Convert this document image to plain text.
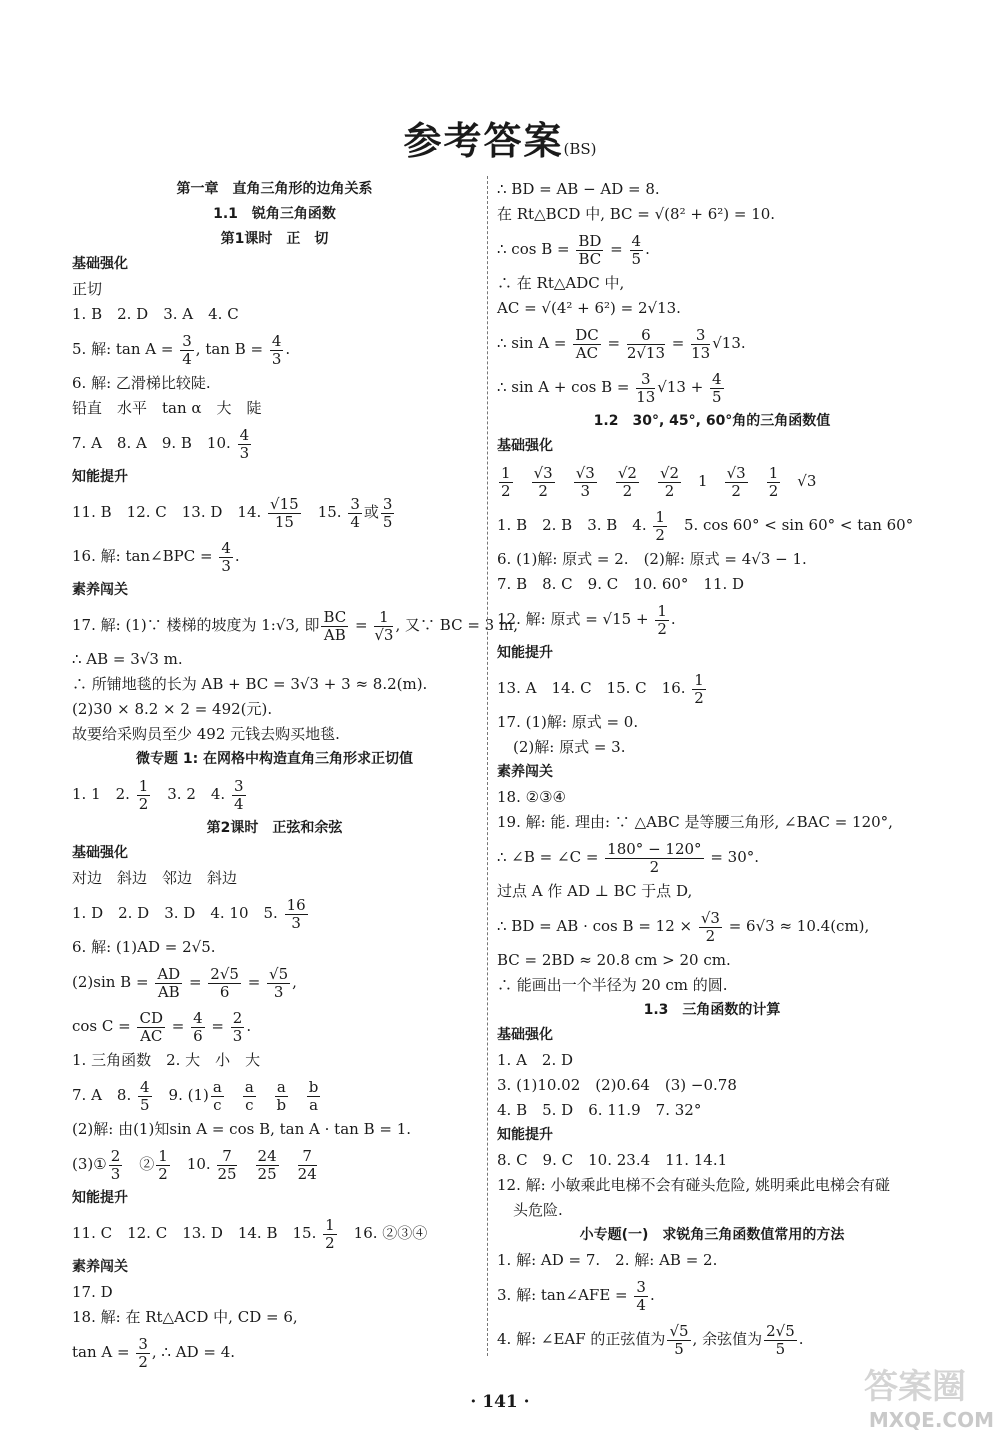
参考答案(BS)
第一章　直角三角形的边角关系
1.1　锐角三角函数
第1课时　正　切
基础强化
正切
1. B　2. D　3. A　4. C
5. 解: $\tan A = \frac{3}{4}$ , $\tan B = \frac{4}{3}$ .
6. 解: 乙滑梯比较陡.
铅直　水平　tan α　大　陡
7. A　8. A　9. B　10. $\frac{4}{3}$
知能提升
11. B　12. C　13. D　14. $\frac{√15}{15}$ 　15. $\frac{3}{4}$ 或 $\frac{3}{5}$
16. 解: tan∠BPC = $\frac{4}{3}$ .
素养闯关
17. 解: (1)∵ 楼梯的坡度为 1:√3, 即 $\frac{BC}{AB} = \frac{1}{√3}$ , 又∵ BC = 3 m,
∴ AB = 3√3 m.
∴ 所铺地毯的长为 AB + BC = 3√3 + 3 ≈ 8.2(m).
(2)30 × 8.2 × 2 = 492(元).
故要给采购员至少 492 元钱去购买地毯.
微专题 1: 在网格中构造直角三角形求正切值
1. 1　2. $\frac{1}{2}$ 　3. 2　4. $\frac{3}{4}$
第2课时　正弦和余弦
基础强化
对边　斜边　邻边　斜边
1. D　2. D　3. D　4. 10　5. $\frac{16}{3}$
6. 解: (1)AD = 2√5.
(2)sin $B = \frac{AD}{AB} = \frac{2√5}{6} = \frac{√5}{3}$ ,
$\cos C = \frac{CD}{AC} = \frac{4}{6} = \frac{2}{3}$ .
1. 三角函数　2. 大　小　大
7. A　8. $\frac{4}{5}$ 　9. $(1) \frac{a}{c}$
　 $\frac{a}{c}$
　 $\frac{a}{b}$
　 $\frac{b}{a}$
(2)解: 由(1)知sin A = cos B, tan A · tan B = 1.
(3)① $\frac{2}{3}$ 　② $\frac{1}{2}$ 　10. $\frac{7}{25}$
　 $\frac{24}{25}$
　 $\frac{7}{24}$
知能提升
11. C　12. C　13. D　14. B　15. $\frac{1}{2}$ 　16. ②③④
素养闯关
17. D
18. 解: 在 Rt△ACD 中, CD = 6,
$\tan A = \frac{3}{2}$ , ∴ AD = 4.
∴ BD = AB − AD = 8.
在 Rt△BCD 中, BC = √(8² + 6²) = 10.
∴ $\cos B = \frac{BD}{BC} = \frac{4}{5}$ .
∴ 在 Rt△ADC 中,
AC = √(4² + 6²) = 2√13.
∴ $\sin A = \frac{DC}{AC} = \frac{6}{2√13} = \frac{3}{13} √13$.
∴ $\sin A + \cos B = \frac{3}{13} √13 + \frac{4}{5}$
1.2　30°, 45°, 60°角的三角函数值
基础强化
$\frac{1}{2}$
　 $\frac{√3}{2}$
　 $\frac{√3}{3}$
　 $\frac{√2}{2}$
　 $\frac{√2}{2}$ 　1　 $\frac{√3}{2}$
　 $\frac{1}{2}$ 　√3
1. B　2. B　3. B　4. $\frac{1}{2}$ 　5. cos 60° < sin 60° < tan 60°
6. (1)解: 原式 = 2.　(2)解: 原式 = 4√3 − 1.
7. B　8. C　9. C　10. 60°　11. D
12. 解: 原式 = $√15 + \frac{1}{2}$ .
知能提升
13. A　14. C　15. C　16. $\frac{1}{2}$
17. (1)解: 原式 = 0.
(2)解: 原式 = 3.
素养闯关
18. ②③④
19. 解: 能. 理由: ∵ △ABC 是等腰三角形, ∠BAC = 120°,
∴ ∠B = ∠C = $\frac{180^\circ - 120^\circ}{2} = 30^\circ$.
过点 A 作 AD ⊥ BC 于点 D,
∴ BD = AB · $\cos B = 12 \times \frac{√3}{2} = 6√3 \approx 10.4(cm)$,
BC = 2BD ≈ 20.8 cm > 20 cm.
∴ 能画出一个半径为 20 cm 的圆.
1.3　三角函数的计算
基础强化
1. A　2. D
3. (1)10.02　(2)0.64　(3) −0.78
4. B　5. D　6. 11.9　7. 32°
知能提升
8. C　9. C　10. 23.4　11. 14.1
12. 解: 小敏乘此电梯不会有碰头危险, 姚明乘此电梯会有碰
头危险.
小专题(一)　求锐角三角函数值常用的方法
1. 解: AD = 7.　2. 解: AB = 2.
3. 解: tan∠AFE = $\frac{3}{4}$ .
4. 解: ∠EAF 的正弦值为 $\frac{√5}{5}$ , 余弦值为 $\frac{2√5}{5}$ .
· 141 ·	答案圈
MXQE.COM
